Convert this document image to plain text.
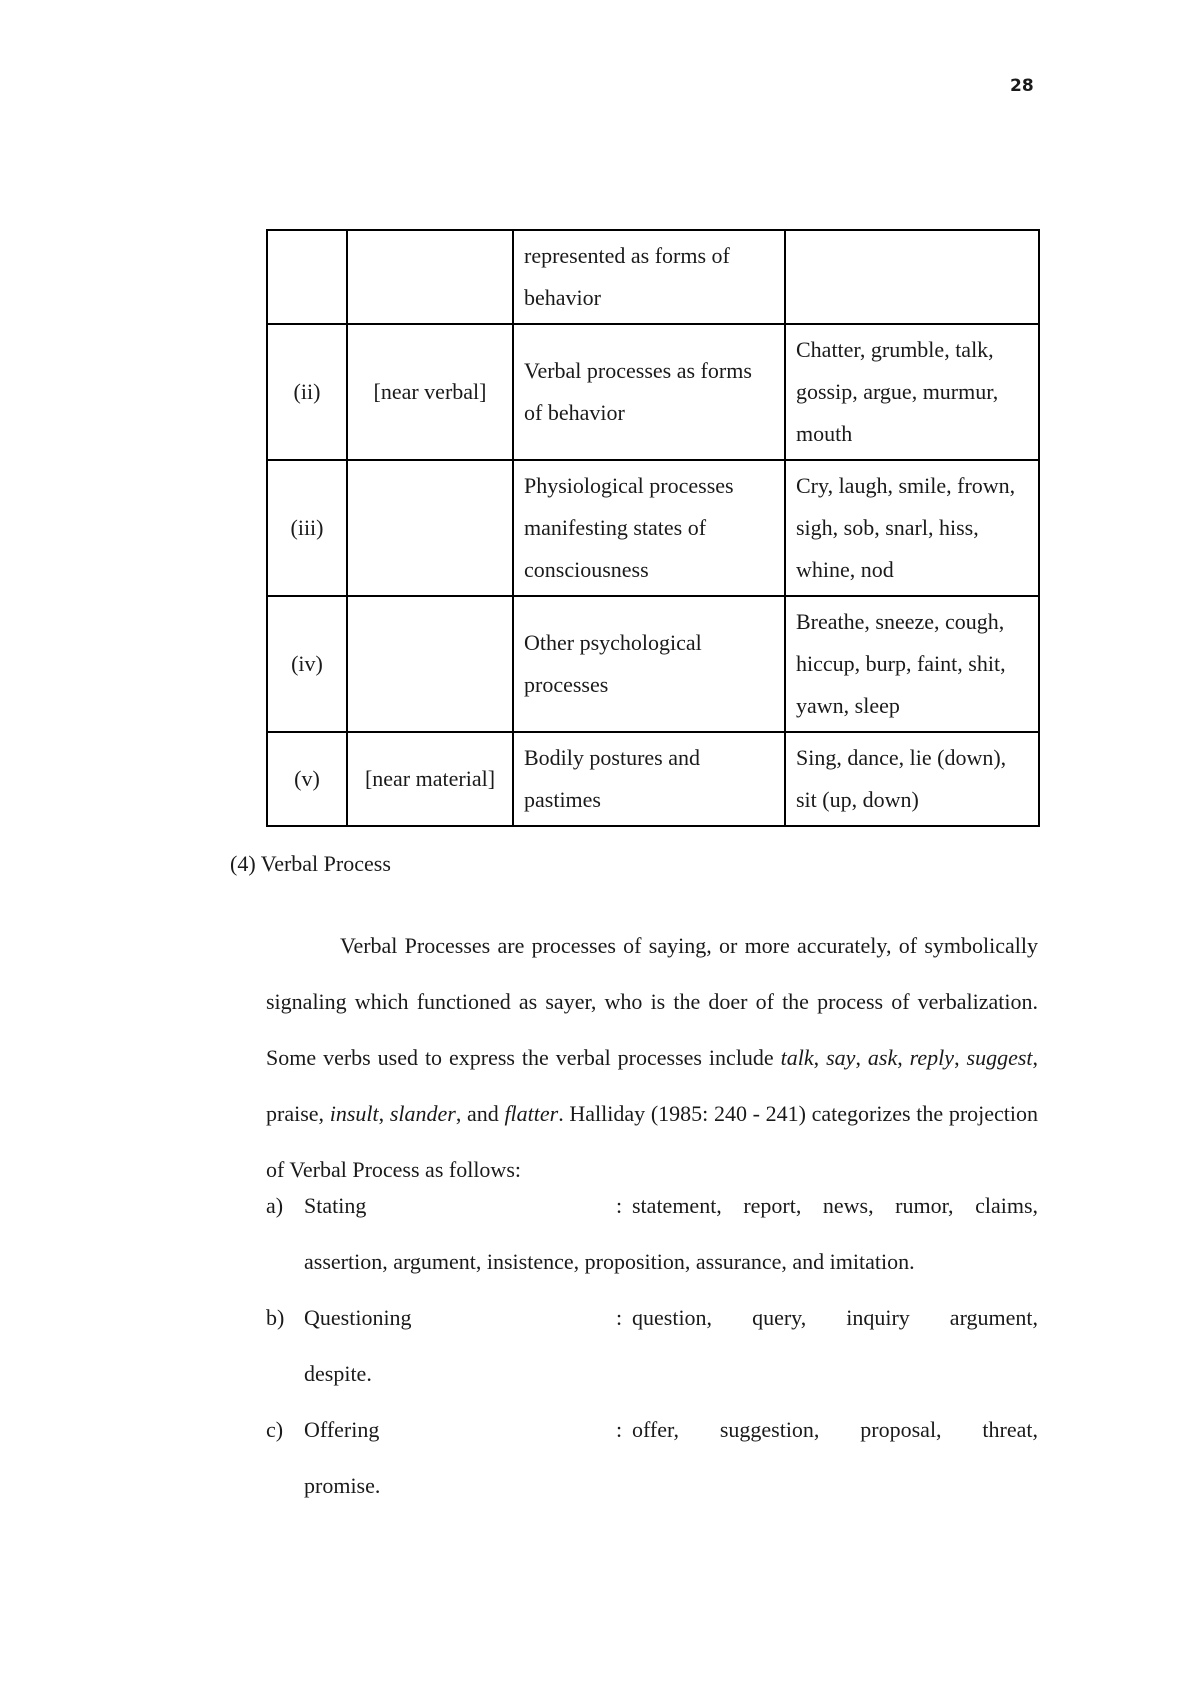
28
		represented as forms of behavior	
(ii)	[near verbal]	Verbal processes as forms of behavior	Chatter, grumble, talk, gossip, argue, murmur, mouth
(iii)		Physiological processes manifesting states of consciousness	Cry, laugh, smile, frown, sigh, sob, snarl, hiss, whine, nod
(iv)		Other psychological processes	Breathe, sneeze, cough, hiccup, burp, faint, shit, yawn, sleep
(v)	[near material]	Bodily postures and pastimes	Sing, dance, lie (down), sit (up, down)
(4) Verbal Process

Verbal Processes are processes of saying, or more accurately, of symbolically signaling which functioned as sayer, who is the doer of the process of verbalization. Some verbs used to express the verbal processes include talk, say, ask, reply, suggest, praise, insult, slander, and flatter. Halliday (1985: 240 - 241) categorizes the projection of Verbal Process as follows:

a) Stating	: statement, report, news, rumor, claims,
assertion, argument, insistence, proposition, assurance, and imitation.
b) Questioning	: question, query, inquiry argument,
despite.
c) Offering	: offer, suggestion, proposal, threat,
promise.
